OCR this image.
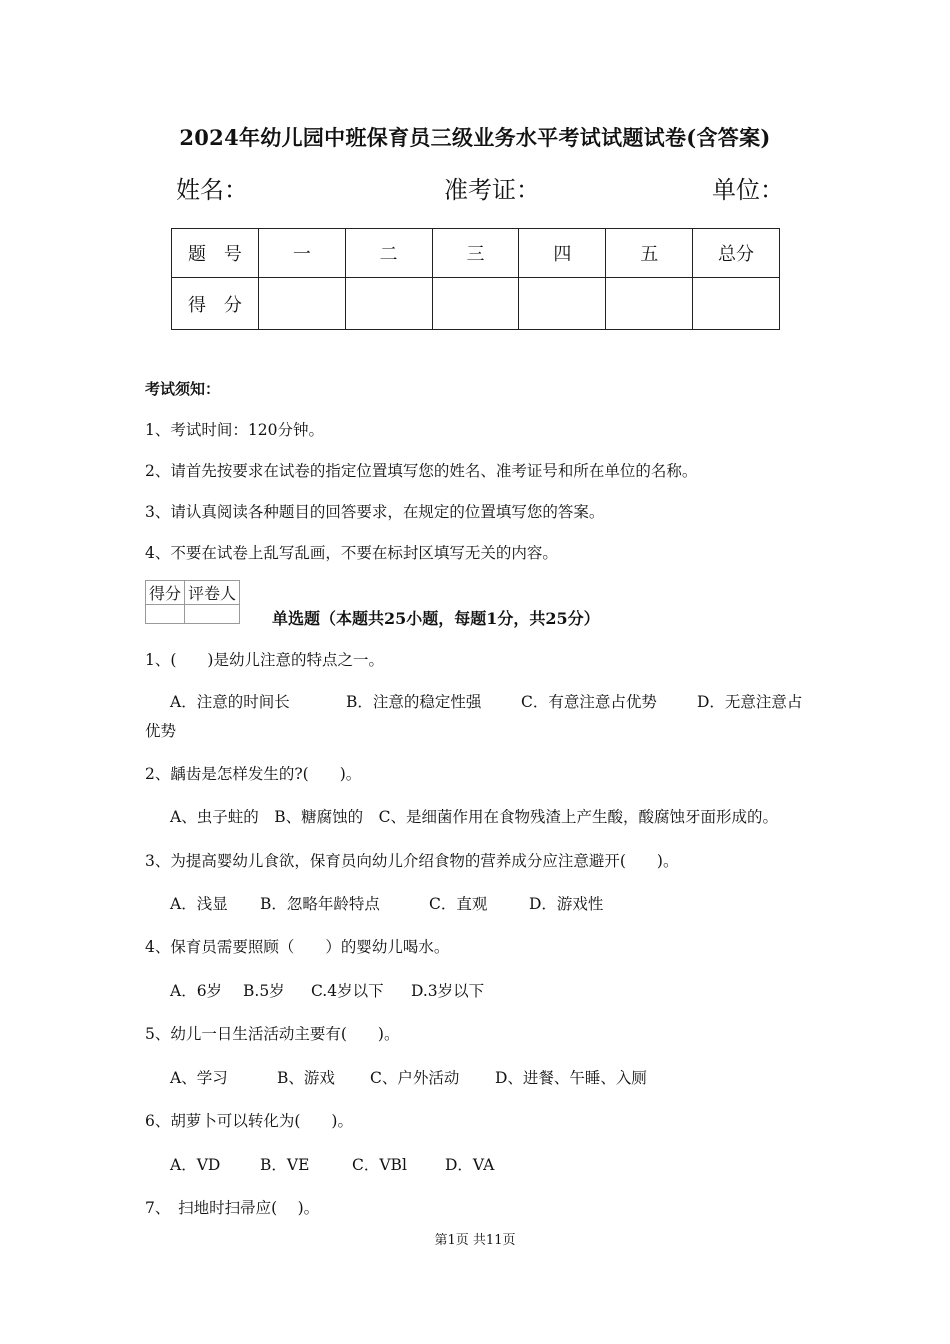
2024年幼儿园中班保育员三级业务水平考试试题试卷(含答案)
姓名：	准考证：	单位：
题　号	一	二	三	四	五	总分
得　分						
考试须知：
1、考试时间：120分钟。
2、请首先按要求在试卷的指定位置填写您的姓名、准考证号和所在单位的名称。
3、请认真阅读各种题目的回答要求，在规定的位置填写您的答案。
4、不要在试卷上乱写乱画，不要在标封区填写无关的内容。
得分	评卷人

单选题（本题共25小题，每题1分，共25分）
1、(　　)是幼儿注意的特点之一。
A．注意的时间长	B．注意的稳定性强	C．有意注意占优势	D．无意注意占
优势
2、龋齿是怎样发生的?(　　)。
A、虫子蛀的　B、糖腐蚀的　C、是细菌作用在食物残渣上产生酸，酸腐蚀牙面形成的。
3、为提高婴幼儿食欲，保育员向幼儿介绍食物的营养成分应注意避开(　　)。
A．浅显 B．忽略年龄特点	C．直观	D．游戏性
4、保育员需要照顾（　　）的婴幼儿喝水。
A．6岁 B.5岁 C.4岁以下 D.3岁以下
5、幼儿一日生活活动主要有(　　)。
A、学习	B、游戏 C、户外活动 D、进餐、午睡、入厕
6、胡萝卜可以转化为(　　)。
A．VD	B．VE	C．VBl D．VA
7、　扫地时扫帚应(　 )。
第1页 共11页
